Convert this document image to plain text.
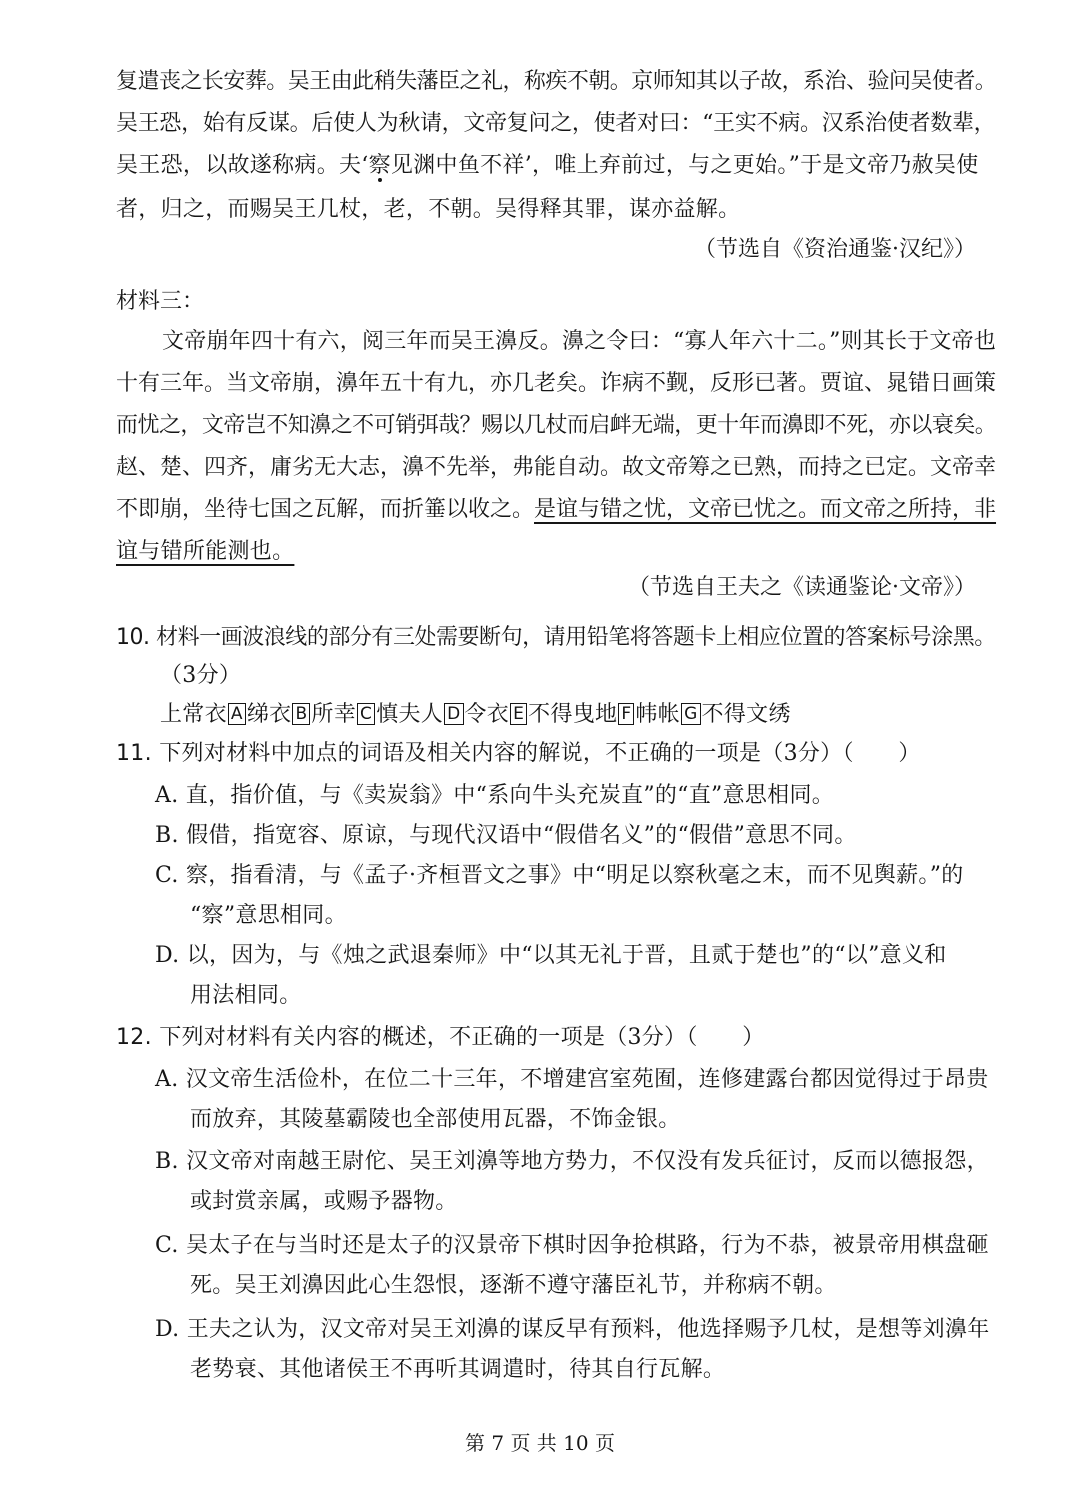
复遣丧之长安葬。吴王由此稍失藩臣之礼，称疾不朝。京师知其以子故，系治、验问吴使者。
吴王恐，始有反谋。后使人为秋请，文帝复问之，使者对曰：“王实不病。汉系治使者数辈，
吴王恐，以故遂称病。夫‘察见渊中鱼不祥’，唯上弃前过，与之更始。”于是文帝乃赦吴使
者，归之，而赐吴王几杖，老，不朝。吴得释其罪，谋亦益解。
（节选自《资治通鉴·汉纪》）
材料三：
文帝崩年四十有六，阅三年而吴王濞反。濞之令曰：“寡人年六十二。”则其长于文帝也
十有三年。当文帝崩，濞年五十有九，亦几老矣。诈病不觐，反形已著。贾谊、晁错日画策
而忧之，文帝岂不知濞之不可销弭哉？赐以几杖而启衅无端，更十年而濞即不死，亦以衰矣。
赵、楚、四齐，庸劣无大志，濞不先举，弗能自动。故文帝筹之已熟，而持之已定。文帝幸
不即崩，坐待七国之瓦解，而折箠以收之。是谊与错之忧，文帝已忧之。而文帝之所持，非
谊与错所能测也。
（节选自王夫之《读通鉴论·文帝》）
10. 材料一画波浪线的部分有三处需要断句，请用铅笔将答题卡上相应位置的答案标号涂黑。
（3分）
上常衣 A 绨衣 B 所幸 C 慎夫人 D 令衣 E 不得曳地 F 帏帐 G 不得文绣
11. 下列对材料中加点的词语及相关内容的解说，不正确的一项是（3分）（　　）
A. 直，指价值，与《卖炭翁》中“系向牛头充炭直”的“直”意思相同。
B. 假借，指宽容、原谅，与现代汉语中“假借名义”的“假借”意思不同。
C. 察，指看清，与《孟子·齐桓晋文之事》中“明足以察秋毫之末，而不见舆薪。”的
“察”意思相同。
D. 以，因为，与《烛之武退秦师》中“以其无礼于晋，且贰于楚也”的“以”意义和
用法相同。
12. 下列对材料有关内容的概述，不正确的一项是（3分）（　　）
A. 汉文帝生活俭朴，在位二十三年，不增建宫室苑囿，连修建露台都因觉得过于昂贵
而放弃，其陵墓霸陵也全部使用瓦器，不饰金银。
B. 汉文帝对南越王尉佗、吴王刘濞等地方势力，不仅没有发兵征讨，反而以德报怨，
或封赏亲属，或赐予器物。
C. 吴太子在与当时还是太子的汉景帝下棋时因争抢棋路，行为不恭，被景帝用棋盘砸
死。吴王刘濞因此心生怨恨，逐渐不遵守藩臣礼节，并称病不朝。
D. 王夫之认为，汉文帝对吴王刘濞的谋反早有预料，他选择赐予几杖，是想等刘濞年
老势衰、其他诸侯王不再听其调遣时，待其自行瓦解。
第 7 页 共 10 页
